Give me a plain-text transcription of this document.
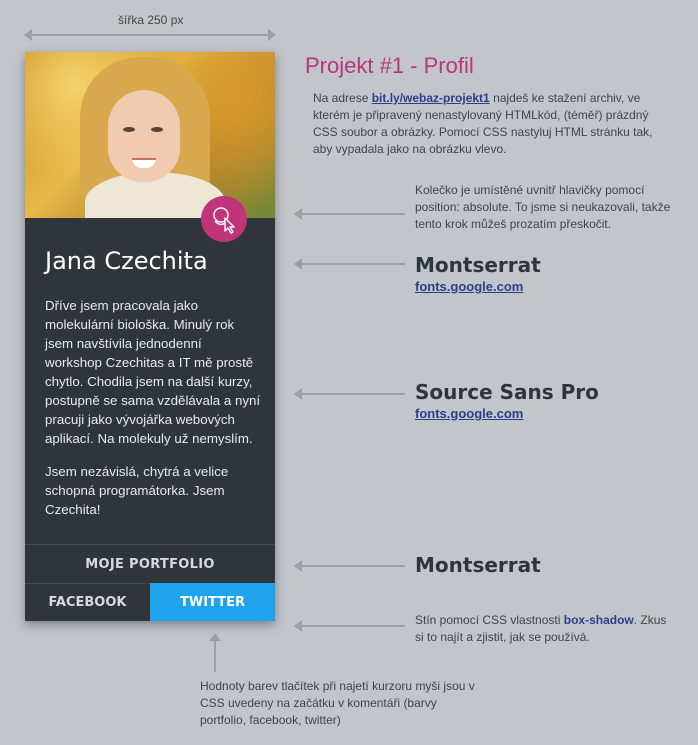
šířka 250 px
Jana Czechita

Dříve jsem pracovala jako molekulární biološka. Minulý rok jsem navštívila jednodenní workshop Czechitas a IT mě prostě chytlo. Chodila jsem na další kurzy, postupně se sama vzdělávala a nyní pracuji jako vývojářka webových aplikací. Na molekuly už nemyslím.

Jsem nezávislá, chytrá a velice schopná programátorka. Jsem Czechita!

MOJE PORTFOLIO
FACEBOOK	TWITTER
Projekt #1 - Profil
Na adrese bit.ly/webaz-projekt1 najdeš ke stažení archiv, ve kterém je připravený nenastylovaný HTMLkód, (téměř) prázdný CSS soubor a obrázky. Pomocí CSS nastyluj HTML stránku tak, aby vypadala jako na obrázku vlevo.
Kolečko je umístěné uvnitř hlavičky pomocí position: absolute. To jsme si neukazovali, takže tento krok můžeš prozatím přeskočit.
Montserrat
fonts.google.com
Source Sans Pro
fonts.google.com
Montserrat
Stín pomocí CSS vlastnosti box-shadow. Zkus si to najít a zjistit, jak se používá.
Hodnoty barev tlačítek při najetí kurzoru myši jsou v CSS uvedeny na začátku v komentáři (barvy portfolio, facebook, twitter)
